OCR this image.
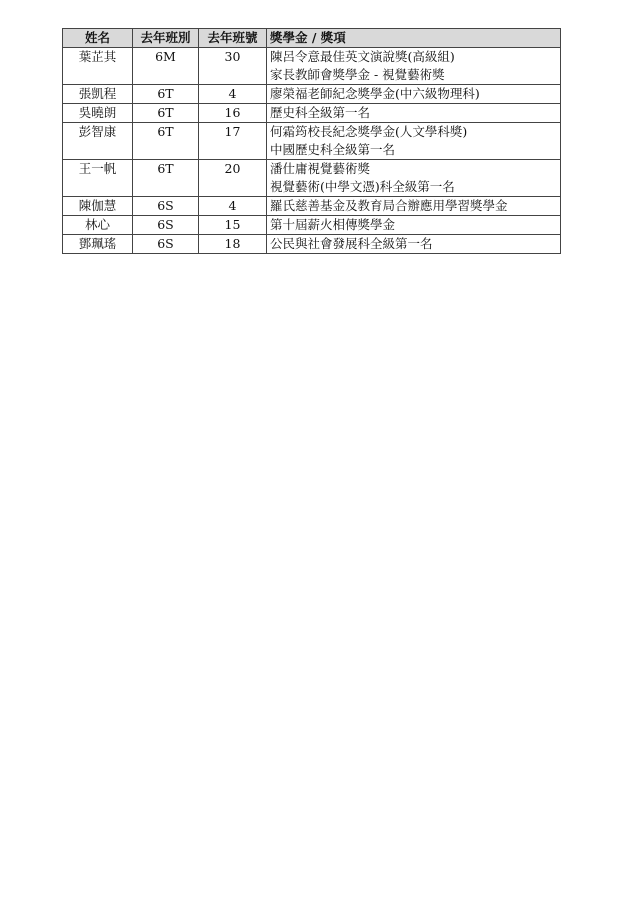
姓名	去年班別	去年班號	獎學金 / 獎項
葉芷其	6M	30	陳呂令意最佳英文演說獎(高級組)
家長教師會獎學金 - 視覺藝術獎

張凱程	6T	4	廖榮福老師紀念獎學金(中六級物理科)

吳曉朗	6T	16	歷史科全級第一名

彭智康	6T	17	何霜筠校長紀念獎學金(人文學科獎)
中國歷史科全級第一名

王一帆	6T	20	潘仕庸視覺藝術獎
視覺藝術(中學文憑)科全級第一名

陳伽慧	6S	4	羅氏慈善基金及教育局合辦應用學習獎學金

林心	6S	15	第十屆薪火相傳獎學金

鄧珮瑤	6S	18	公民與社會發展科全級第一名
